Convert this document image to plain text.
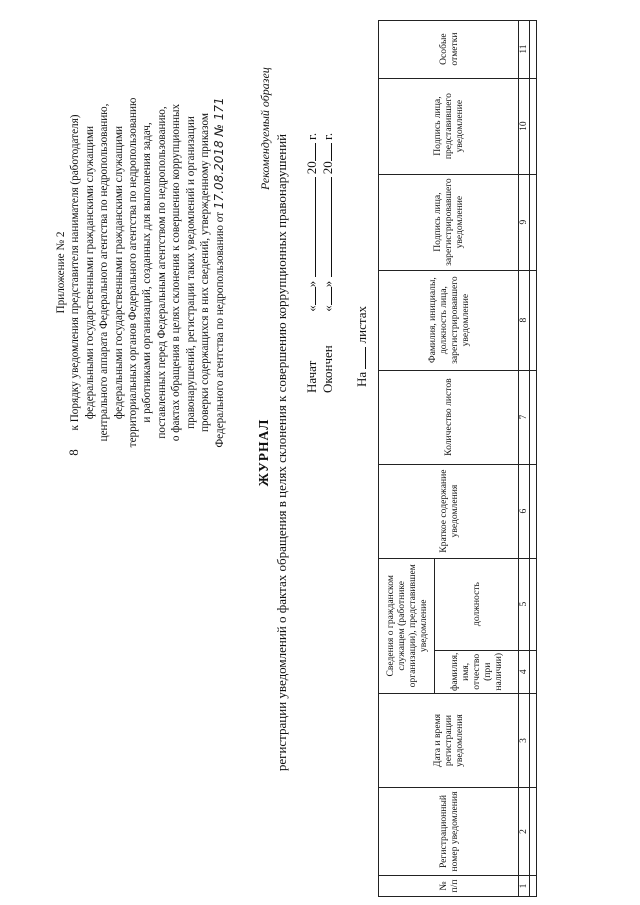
8
Приложение № 2 к Порядку уведомления представителя нанимателя (работодателя) федеральными государственными гражданскими служащими центрального аппарата Федерального агентства по недропользованию, федеральными государственными гражданскими служащими территориальных органов Федерального агентства по недропользованию и работниками организаций, созданных для выполнения задач, поставленных перед Федеральным агентством по недропользованию, о фактах обращения в целях склонения к совершению коррупционных правонарушений, регистрации таких уведомлений и организации проверки содержащихся в них сведений, утвержденному приказом Федерального агентства по недропользованию от 17.08.2018 № 171	Рекомендуемый образец
ЖУРНАЛ регистрации уведомлений о фактах обращения в целях склонения к совершению коррупционных правонарушений Начат «»  20 г.
Окончен «»  20 г.
На  листах
№ п/п	Регистрационный номер уведомления	Дата и время регистрации уведомления	Сведения о гражданском служащем (работнике организации), представившем уведомление		Краткое содержание уведомления	Количество листов	Фамилия, инициалы, должность лица, зарегистрировавшего уведомление	Подпись лица, зарегистрировавшего уведомление	Подпись лица, представившего уведомление	Особые отметки
			фамилия, имя, отчество (при наличии)	должность						
1	2	3	4	5	6	7	8	9	10	11
